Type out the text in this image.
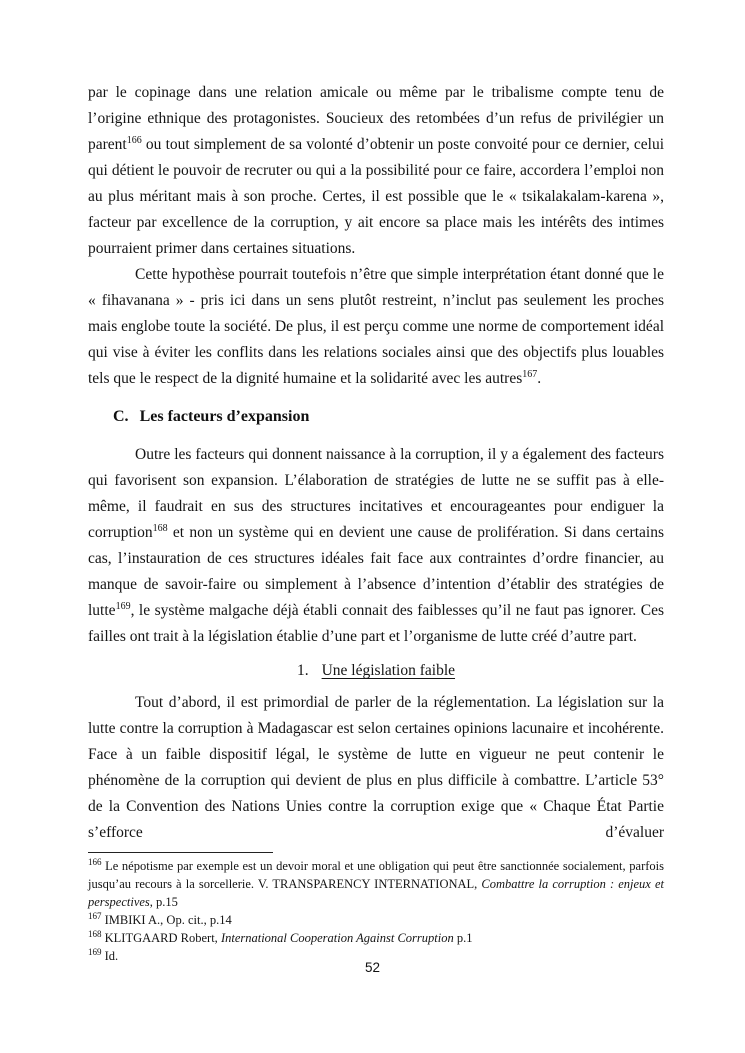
par le copinage dans une relation amicale ou même par le tribalisme compte tenu de l’origine ethnique des protagonistes. Soucieux des retombées d’un refus de privilégier un parent$^{166}$ ou tout simplement de sa volonté d’obtenir un poste convoité pour ce dernier, celui qui détient le pouvoir de recruter ou qui a la possibilité pour ce faire, accordera l’emploi non au plus méritant mais à son proche. Certes, il est possible que le « tsikalakalam-karena », facteur par excellence de la corruption, y ait encore sa place mais les intérêts des intimes pourraient primer dans certaines situations.

Cette hypothèse pourrait toutefois n’être que simple interprétation étant donné que le « fihavanana » - pris ici dans un sens plutôt restreint, n’inclut pas seulement les proches mais englobe toute la société. De plus, il est perçu comme une norme de comportement idéal qui vise à éviter les conflits dans les relations sociales ainsi que des objectifs plus louables tels que le respect de la dignité humaine et la solidarité avec les autres$^{167}$.

C. Les facteurs d’expansion

Outre les facteurs qui donnent naissance à la corruption, il y a également des facteurs qui favorisent son expansion. L’élaboration de stratégies de lutte ne se suffit pas à elle-même, il faudrait en sus des structures incitatives et encourageantes pour endiguer la corruption$^{168}$ et non un système qui en devient une cause de prolifération. Si dans certains cas, l’instauration de ces structures idéales fait face aux contraintes d’ordre financier, au manque de savoir-faire ou simplement à l’absence d’intention d’établir des stratégies de lutte$^{169}$, le système malgache déjà établi connait des faiblesses qu’il ne faut pas ignorer. Ces failles ont trait à la législation établie d’une part et l’organisme de lutte créé d’autre part.

1. Une législation faible

Tout d’abord, il est primordial de parler de la réglementation. La législation sur la lutte contre la corruption à Madagascar est selon certaines opinions lacunaire et incohérente. Face à un faible dispositif légal, le système de lutte en vigueur ne peut contenir le phénomène de la corruption qui devient de plus en plus difficile à combattre. L’article 53° de la Convention des Nations Unies contre la corruption exige que « Chaque État Partie s’efforce d’évaluer

$^{166}$ Le népotisme par exemple est un devoir moral et une obligation qui peut être sanctionnée socialement, parfois jusqu’au recours à la sorcellerie. V. TRANSPARENCY INTERNATIONAL, Combattre la corruption : enjeux et perspectives, p.15

$^{167}$ IMBIKI A., Op. cit., p.14

$^{168}$ KLITGAARD Robert, International Cooperation Against Corruption p.1

$^{169}$ Id.

52
